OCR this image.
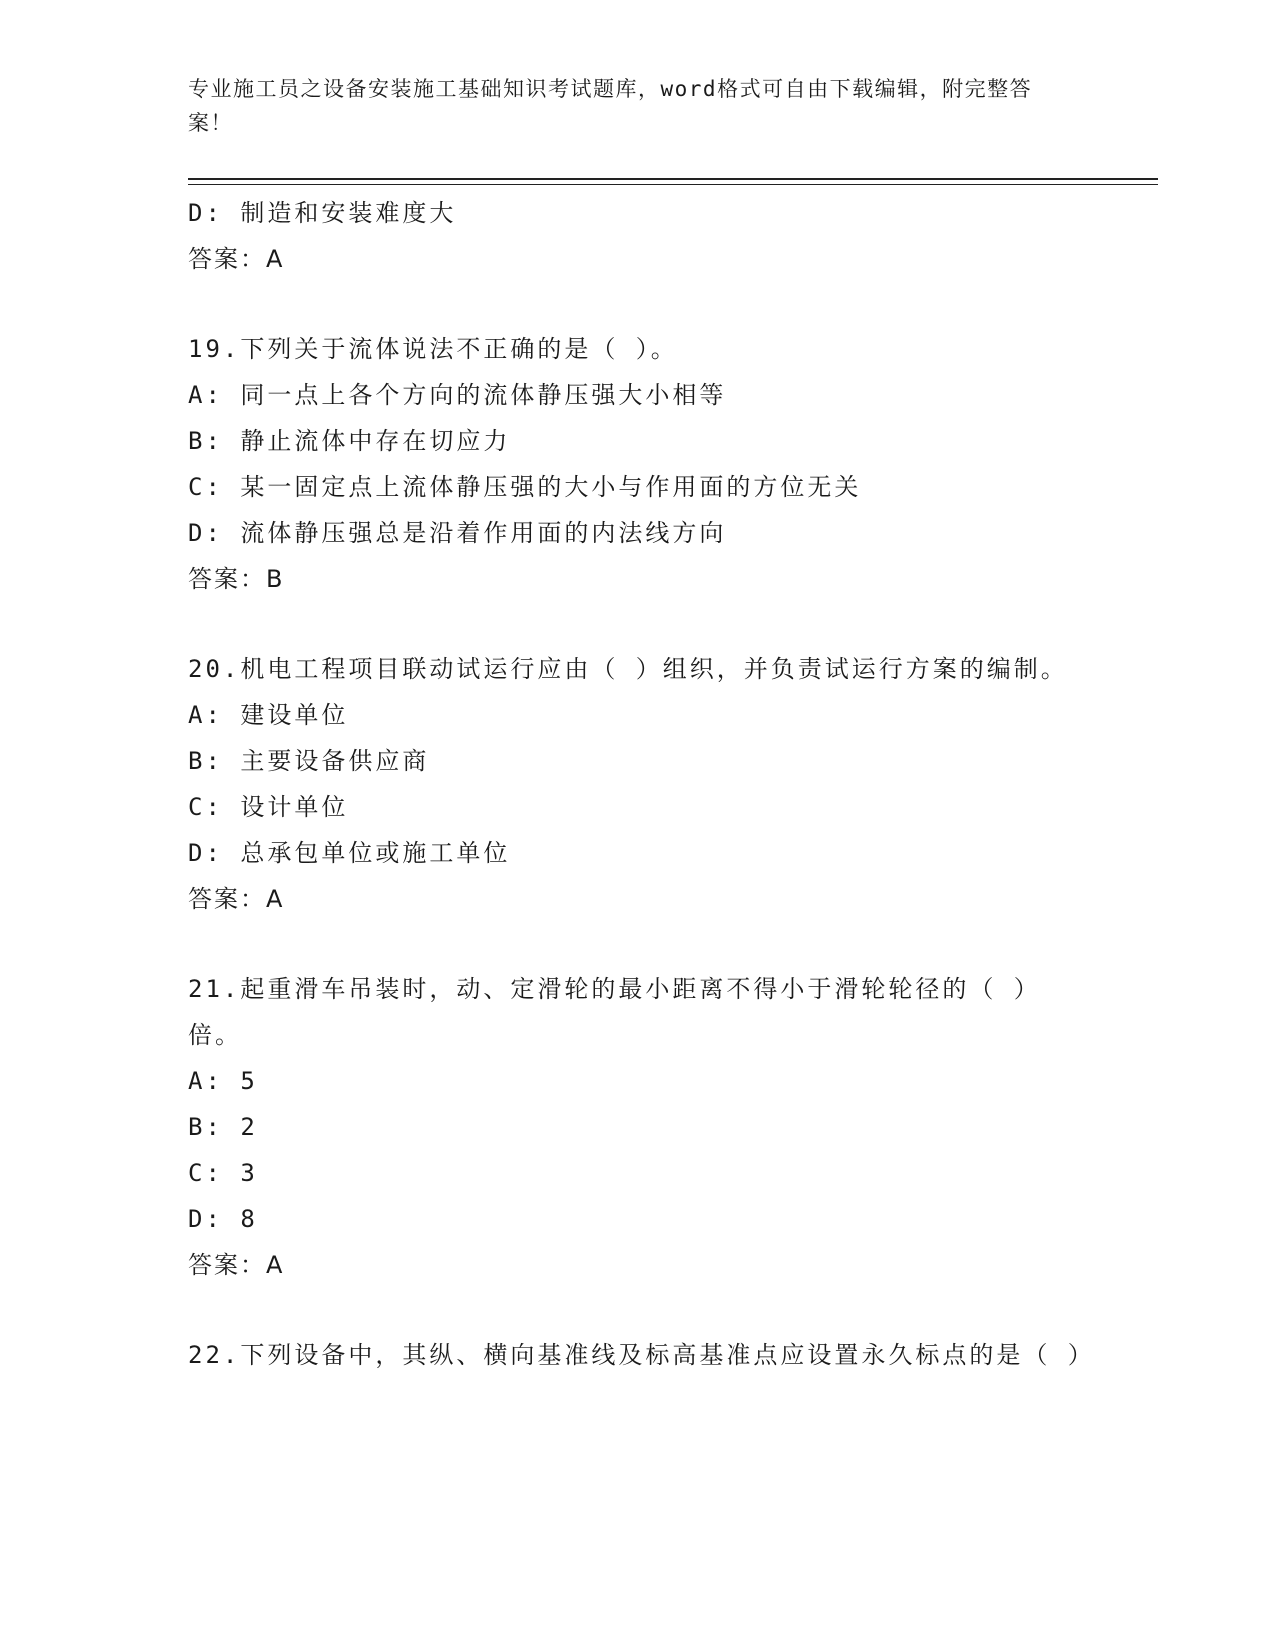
专业施工员之设备安装施工基础知识考试题库，word格式可自由下载编辑，附完整答案！
D: 制造和安装难度大
答案：A
19.下列关于流体说法不正确的是（ ）。
A: 同一点上各个方向的流体静压强大小相等
B: 静止流体中存在切应力
C: 某一固定点上流体静压强的大小与作用面的方位无关
D: 流体静压强总是沿着作用面的内法线方向
答案：B
20.机电工程项目联动试运行应由（ ）组织，并负责试运行方案的编制。
A: 建设单位
B: 主要设备供应商
C: 设计单位
D: 总承包单位或施工单位
答案：A
21.起重滑车吊装时，动、定滑轮的最小距离不得小于滑轮轮径的（ ）倍。
A: 5
B: 2
C: 3
D: 8
答案：A
22.下列设备中，其纵、横向基准线及标高基准点应设置永久标点的是（ ）
